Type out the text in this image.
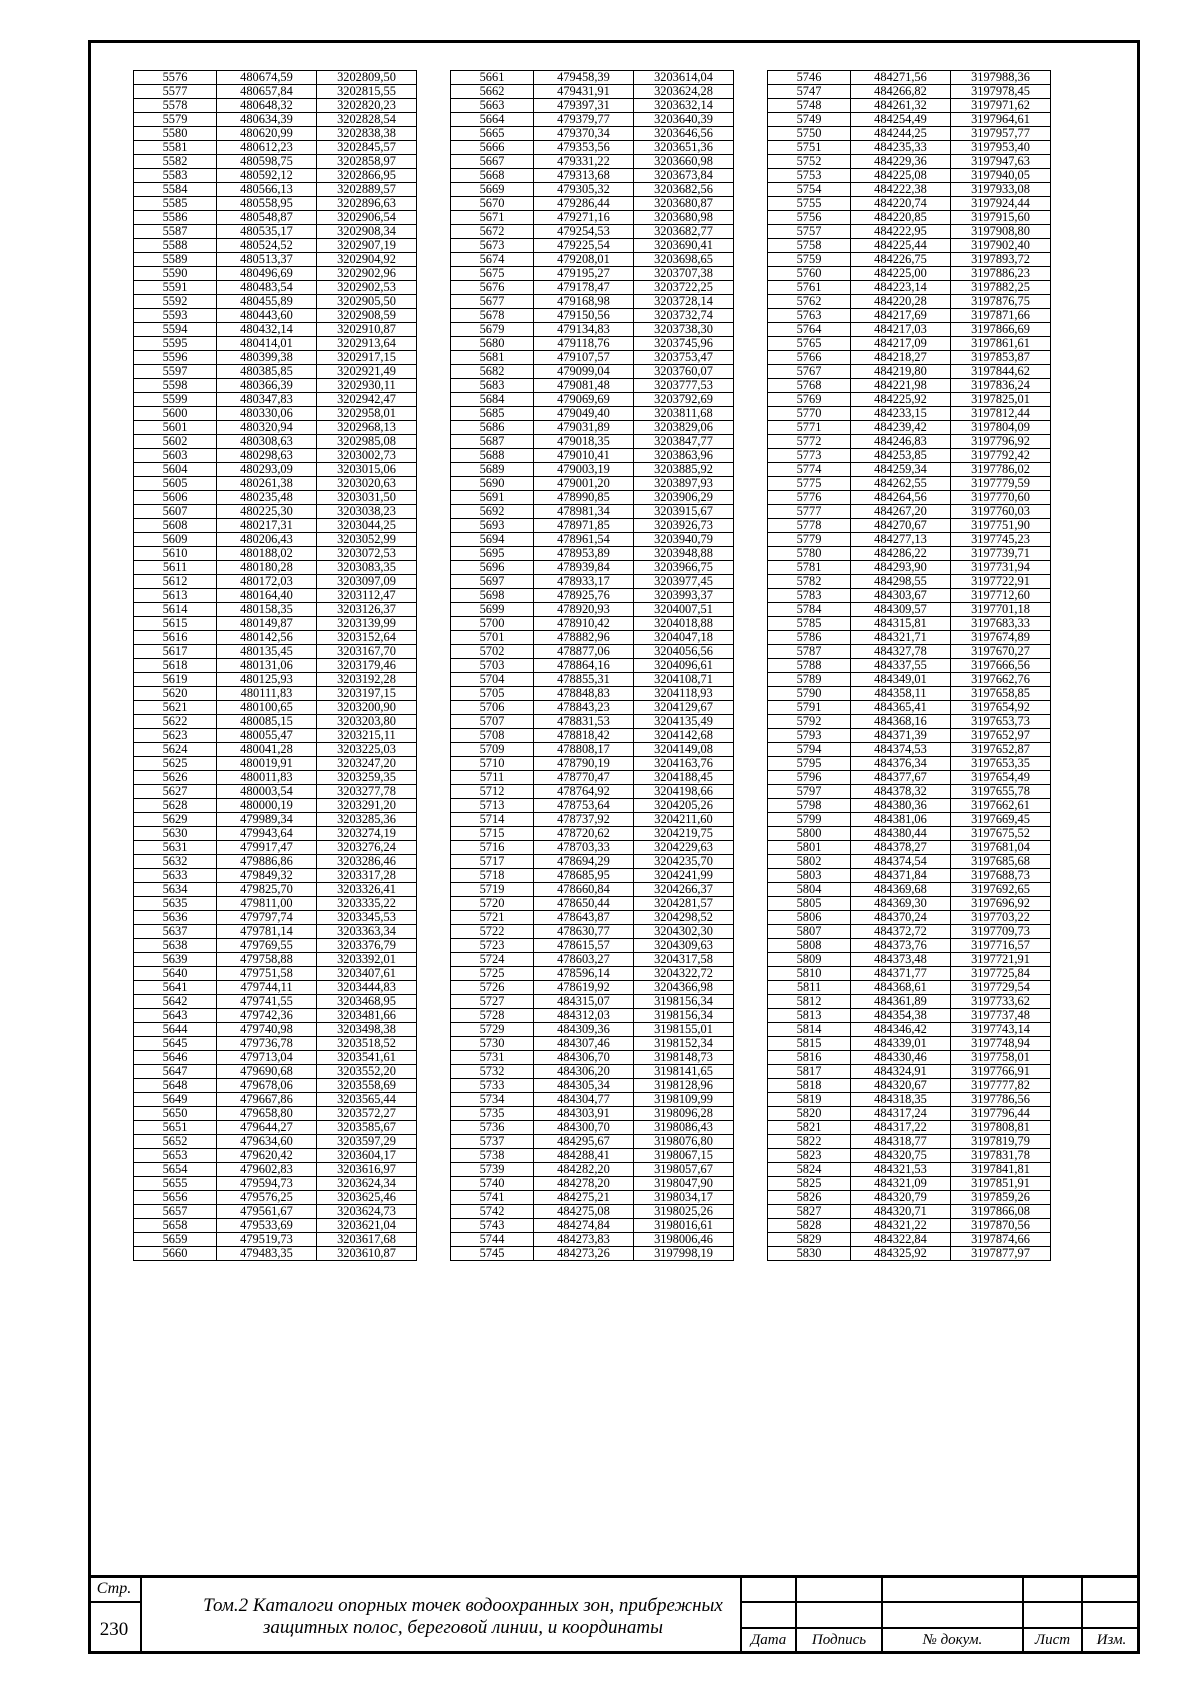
5576	480674,59	3202809,50
5577	480657,84	3202815,55
5578	480648,32	3202820,23
5579	480634,39	3202828,54
5580	480620,99	3202838,38
5581	480612,23	3202845,57
5582	480598,75	3202858,97
5583	480592,12	3202866,95
5584	480566,13	3202889,57
5585	480558,95	3202896,63
5586	480548,87	3202906,54
5587	480535,17	3202908,34
5588	480524,52	3202907,19
5589	480513,37	3202904,92
5590	480496,69	3202902,96
5591	480483,54	3202902,53
5592	480455,89	3202905,50
5593	480443,60	3202908,59
5594	480432,14	3202910,87
5595	480414,01	3202913,64
5596	480399,38	3202917,15
5597	480385,85	3202921,49
5598	480366,39	3202930,11
5599	480347,83	3202942,47
5600	480330,06	3202958,01
5601	480320,94	3202968,13
5602	480308,63	3202985,08
5603	480298,63	3203002,73
5604	480293,09	3203015,06
5605	480261,38	3203020,63
5606	480235,48	3203031,50
5607	480225,30	3203038,23
5608	480217,31	3203044,25
5609	480206,43	3203052,99
5610	480188,02	3203072,53
5611	480180,28	3203083,35
5612	480172,03	3203097,09
5613	480164,40	3203112,47
5614	480158,35	3203126,37
5615	480149,87	3203139,99
5616	480142,56	3203152,64
5617	480135,45	3203167,70
5618	480131,06	3203179,46
5619	480125,93	3203192,28
5620	480111,83	3203197,15
5621	480100,65	3203200,90
5622	480085,15	3203203,80
5623	480055,47	3203215,11
5624	480041,28	3203225,03
5625	480019,91	3203247,20
5626	480011,83	3203259,35
5627	480003,54	3203277,78
5628	480000,19	3203291,20
5629	479989,34	3203285,36
5630	479943,64	3203274,19
5631	479917,47	3203276,24
5632	479886,86	3203286,46
5633	479849,32	3203317,28
5634	479825,70	3203326,41
5635	479811,00	3203335,22
5636	479797,74	3203345,53
5637	479781,14	3203363,34
5638	479769,55	3203376,79
5639	479758,88	3203392,01
5640	479751,58	3203407,61
5641	479744,11	3203444,83
5642	479741,55	3203468,95
5643	479742,36	3203481,66
5644	479740,98	3203498,38
5645	479736,78	3203518,52
5646	479713,04	3203541,61
5647	479690,68	3203552,20
5648	479678,06	3203558,69
5649	479667,86	3203565,44
5650	479658,80	3203572,27
5651	479644,27	3203585,67
5652	479634,60	3203597,29
5653	479620,42	3203604,17
5654	479602,83	3203616,97
5655	479594,73	3203624,34
5656	479576,25	3203625,46
5657	479561,67	3203624,73
5658	479533,69	3203621,04
5659	479519,73	3203617,68
5660	479483,35	3203610,87
5661	479458,39	3203614,04
5662	479431,91	3203624,28
5663	479397,31	3203632,14
5664	479379,77	3203640,39
5665	479370,34	3203646,56
5666	479353,56	3203651,36
5667	479331,22	3203660,98
5668	479313,68	3203673,84
5669	479305,32	3203682,56
5670	479286,44	3203680,87
5671	479271,16	3203680,98
5672	479254,53	3203682,77
5673	479225,54	3203690,41
5674	479208,01	3203698,65
5675	479195,27	3203707,38
5676	479178,47	3203722,25
5677	479168,98	3203728,14
5678	479150,56	3203732,74
5679	479134,83	3203738,30
5680	479118,76	3203745,96
5681	479107,57	3203753,47
5682	479099,04	3203760,07
5683	479081,48	3203777,53
5684	479069,69	3203792,69
5685	479049,40	3203811,68
5686	479031,89	3203829,06
5687	479018,35	3203847,77
5688	479010,41	3203863,96
5689	479003,19	3203885,92
5690	479001,20	3203897,93
5691	478990,85	3203906,29
5692	478981,34	3203915,67
5693	478971,85	3203926,73
5694	478961,54	3203940,79
5695	478953,89	3203948,88
5696	478939,84	3203966,75
5697	478933,17	3203977,45
5698	478925,76	3203993,37
5699	478920,93	3204007,51
5700	478910,42	3204018,88
5701	478882,96	3204047,18
5702	478877,06	3204056,56
5703	478864,16	3204096,61
5704	478855,31	3204108,71
5705	478848,83	3204118,93
5706	478843,23	3204129,67
5707	478831,53	3204135,49
5708	478818,42	3204142,68
5709	478808,17	3204149,08
5710	478790,19	3204163,76
5711	478770,47	3204188,45
5712	478764,92	3204198,66
5713	478753,64	3204205,26
5714	478737,92	3204211,60
5715	478720,62	3204219,75
5716	478703,33	3204229,63
5717	478694,29	3204235,70
5718	478685,95	3204241,99
5719	478660,84	3204266,37
5720	478650,44	3204281,57
5721	478643,87	3204298,52
5722	478630,77	3204302,30
5723	478615,57	3204309,63
5724	478603,27	3204317,58
5725	478596,14	3204322,72
5726	478619,92	3204366,98
5727	484315,07	3198156,34
5728	484312,03	3198156,34
5729	484309,36	3198155,01
5730	484307,46	3198152,34
5731	484306,70	3198148,73
5732	484306,20	3198141,65
5733	484305,34	3198128,96
5734	484304,77	3198109,99
5735	484303,91	3198096,28
5736	484300,70	3198086,43
5737	484295,67	3198076,80
5738	484288,41	3198067,15
5739	484282,20	3198057,67
5740	484278,20	3198047,90
5741	484275,21	3198034,17
5742	484275,08	3198025,26
5743	484274,84	3198016,61
5744	484273,83	3198006,46
5745	484273,26	3197998,19
5746	484271,56	3197988,36
5747	484266,82	3197978,45
5748	484261,32	3197971,62
5749	484254,49	3197964,61
5750	484244,25	3197957,77
5751	484235,33	3197953,40
5752	484229,36	3197947,63
5753	484225,08	3197940,05
5754	484222,38	3197933,08
5755	484220,74	3197924,44
5756	484220,85	3197915,60
5757	484222,95	3197908,80
5758	484225,44	3197902,40
5759	484226,75	3197893,72
5760	484225,00	3197886,23
5761	484223,14	3197882,25
5762	484220,28	3197876,75
5763	484217,69	3197871,66
5764	484217,03	3197866,69
5765	484217,09	3197861,61
5766	484218,27	3197853,87
5767	484219,80	3197844,62
5768	484221,98	3197836,24
5769	484225,92	3197825,01
5770	484233,15	3197812,44
5771	484239,42	3197804,09
5772	484246,83	3197796,92
5773	484253,85	3197792,42
5774	484259,34	3197786,02
5775	484262,55	3197779,59
5776	484264,56	3197770,60
5777	484267,20	3197760,03
5778	484270,67	3197751,90
5779	484277,13	3197745,23
5780	484286,22	3197739,71
5781	484293,90	3197731,94
5782	484298,55	3197722,91
5783	484303,67	3197712,60
5784	484309,57	3197701,18
5785	484315,81	3197683,33
5786	484321,71	3197674,89
5787	484327,78	3197670,27
5788	484337,55	3197666,56
5789	484349,01	3197662,76
5790	484358,11	3197658,85
5791	484365,41	3197654,92
5792	484368,16	3197653,73
5793	484371,39	3197652,97
5794	484374,53	3197652,87
5795	484376,34	3197653,35
5796	484377,67	3197654,49
5797	484378,32	3197655,78
5798	484380,36	3197662,61
5799	484381,06	3197669,45
5800	484380,44	3197675,52
5801	484378,27	3197681,04
5802	484374,54	3197685,68
5803	484371,84	3197688,73
5804	484369,68	3197692,65
5805	484369,30	3197696,92
5806	484370,24	3197703,22
5807	484372,72	3197709,73
5808	484373,76	3197716,57
5809	484373,48	3197721,91
5810	484371,77	3197725,84
5811	484368,61	3197729,54
5812	484361,89	3197733,62
5813	484354,38	3197737,48
5814	484346,42	3197743,14
5815	484339,01	3197748,94
5816	484330,46	3197758,01
5817	484324,91	3197766,91
5818	484320,67	3197777,82
5819	484318,35	3197786,56
5820	484317,24	3197796,44
5821	484317,22	3197808,81
5822	484318,77	3197819,79
5823	484320,75	3197831,78
5824	484321,53	3197841,81
5825	484321,09	3197851,91
5826	484320,79	3197859,26
5827	484320,71	3197866,08
5828	484321,22	3197870,56
5829	484322,84	3197874,66
5830	484325,92	3197877,97
Стр.
230
Том.2 Каталоги опорных точек водоохранных зон, прибрежных
защитных полос, береговой линии, и координаты
Дата	Подпись	№ докум.	Лист	Изм.
